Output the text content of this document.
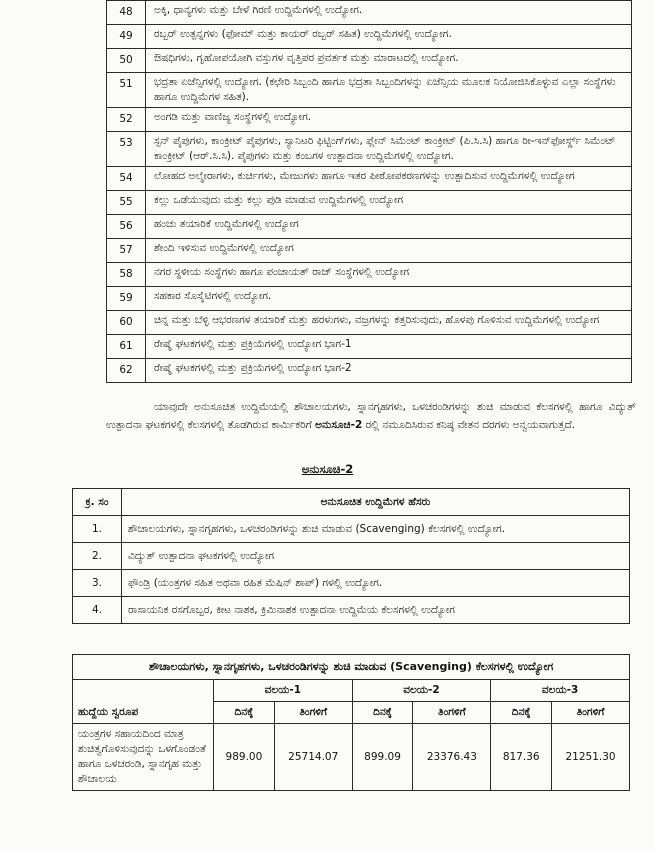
48	ಅಕ್ಕಿ, ಧಾನ್ಯಗಳು ಮತ್ತು ಬೇಳೆ ಗಿರಣಿ ಉದ್ದಿಮೆಗಳಲ್ಲಿ ಉದ್ಯೋಗ.
49	ರಬ್ಬರ್ ಉತ್ಪನ್ನಗಳು (ಫೋಮ್ ಮತ್ತು ಕಾಯರ್ ರಬ್ಬರ್ ಸಹಿತ) ಉದ್ದಿಮೆಗಳಲ್ಲಿ ಉದ್ಯೋಗ.
50	ಔಷಧಿಗಳು, ಗೃಹೋಪಯೋಗಿ ವಸ್ತುಗಳ ವೃತ್ತಿಪರ ಪ್ರವರ್ತಕ ಮತ್ತು ಮಾರಾಟದಲ್ಲಿ ಉದ್ಯೋಗ.
51	ಭದ್ರತಾ ಏಜೆನ್ಸಿಗಳಲ್ಲಿ ಉದ್ಯೋಗ. (ಕಛೇರಿ ಸಿಬ್ಬಂದಿ ಹಾಗೂ ಭದ್ರತಾ ಸಿಬ್ಬಂದಿಗಳನ್ನು ಏಜೆನ್ಸಿಯ ಮೂಲಕ ನಿಯೋಜಿಸಿಕೊಳ್ಳುವ ಎಲ್ಲಾ ಸಂಸ್ಥೆಗಳು ಹಾಗೂ ಉದ್ದಿಮೆಗಳ ಸಹಿತ).
52	ಅಂಗಡಿ ಮತ್ತು ವಾಣಿಜ್ಯ ಸಂಸ್ಥೆಗಳಲ್ಲಿ ಉದ್ಯೋಗ.
53	ಸ್ಪನ್ ಪೈಪುಗಳು, ಕಾಂಕ್ರೀಟ್ ಪೈಪುಗಳು, ಸ್ಯಾನಿಟರಿ ಫಿಟ್ಟಿಂಗ್‌ಗಳು, ಪ್ಲೇನ್ ಸಿಮೆಂಟ್ ಕಾಂಕ್ರೀಟ್ (ಪಿ.ಸಿ.ಸಿ) ಹಾಗೂ ರೀ-ಇನ್‌ಫೋರ್ಸ್ಡ್ ಸಿಮೆಂಟ್ ಕಾಂಕ್ರೀಟ್ (ಆರ್.ಸಿ.ಸಿ). ಪೈಪುಗಳು ಮತ್ತು ಕಂಬಗಳ ಉತ್ಪಾದನಾ ಉದ್ದಿಮೆಗಳಲ್ಲಿ ಉದ್ಯೋಗ.
54	ಲೋಹದ ಅಲ್ಮೇರಾಗಳು, ಕುರ್ಚಿಗಳು, ಮೇಜುಗಳು ಹಾಗೂ ಇತರ ಪೀಠೋಪಕರಣಗಳನ್ನು ಉತ್ಪಾದಿಸುವ ಉದ್ದಿಮೆಗಳಲ್ಲಿ ಉದ್ಯೋಗ
55	ಕಲ್ಲು ಒಡೆಯುವುದು ಮತ್ತು ಕಲ್ಲು ಪುಡಿ ಮಾಡುವ ಉದ್ದಿಮೆಗಳಲ್ಲಿ ಉದ್ಯೋಗ
56	ಹಂಚು ತಯಾರಿಕೆ ಉದ್ದಿಮೆಗಳಲ್ಲಿ ಉದ್ಯೋಗ
57	ಶೇಂದಿ ಇಳಿಸುವ ಉದ್ದಿಮೆಗಳಲ್ಲಿ ಉದ್ಯೋಗ
58	ನಗರ ಸ್ಥಳೀಯ ಸಂಸ್ಥೆಗಳು ಹಾಗೂ ಪಂಚಾಯತ್ ರಾಜ್ ಸಂಸ್ಥೆಗಳಲ್ಲಿ ಉದ್ಯೋಗ
59	ಸಹಕಾರ ಸೊಸೈಟಿಗಳಲ್ಲಿ ಉದ್ಯೋಗ.
60	ಚಿನ್ನ ಮತ್ತು ಬೆಳ್ಳಿ ಆಭರಣಗಳ ತಯಾರಿಕೆ ಮತ್ತು ಹರಳುಗಳು, ವಜ್ರಗಳನ್ನು ಕತ್ತರಿಸುವುದು, ಹೊಳಪು ಗೊಳಿಸುವ ಉದ್ದಿಮೆಗಳಲ್ಲಿ ಉದ್ಯೋಗ
61	ರೇಷ್ಮೆ ಘಟಕಗಳಲ್ಲಿ ಮತ್ತು ಪ್ರಕ್ರಿಯೆಗಳಲ್ಲಿ ಉದ್ಯೋಗ ಭಾಗ-1
62	ರೇಷ್ಮೆ ಘಟಕಗಳಲ್ಲಿ ಮತ್ತು ಪ್ರಕ್ರಿಯೆಗಳಲ್ಲಿ ಉದ್ಯೋಗ ಭಾಗ-2

ಯಾವುದೇ ಅನುಸೂಚಿತ ಉದ್ದಿಮೆಯಲ್ಲಿ ಶೌಚಾಲಯಗಳು, ಸ್ನಾನಗೃಹಗಳು, ಒಳಚರಂಡಿಗಳನ್ನು ಶುಚಿ ಮಾಡುವ ಕೆಲಸಗಳಲ್ಲಿ ಹಾಗೂ ವಿದ್ಯುತ್ ಉತ್ಪಾದನಾ ಘಟಕಗಳಲ್ಲಿ ಕೆಲಸಗಳಲ್ಲಿ ತೊಡಗಿರುವ ಕಾರ್ಮಿಕರಿಗೆ ಅನುಸೂಚಿ-2 ರಲ್ಲಿ ನಮೂದಿಸಿರುವ ಕನಿಷ್ಠ ವೇತನ ದರಗಳು ಅನ್ವಯವಾಗುತ್ತದೆ.

ಅನುಸೂಚಿ-2
ಕ್ರ. ಸಂ	ಅನುಸೂಚಿತ ಉದ್ದಿಮೆಗಳ ಹೆಸರು
1.	ಶೌಚಾಲಯಗಳು, ಸ್ನಾನಗೃಹಗಳು, ಒಳಚರಂಡಿಗಳನ್ನು ಶುಚಿ ಮಾಡುವ (Scavenging) ಕೆಲಸಗಳಲ್ಲಿ ಉದ್ಯೋಗ.
2.	ವಿದ್ಯುತ್ ಉತ್ಪಾದನಾ ಘಟಕಗಳಲ್ಲಿ ಉದ್ಯೋಗ
3.	ಫೌಂಡ್ರಿ (ಯಂತ್ರಗಳ ಸಹಿತ ಅಥವಾ ರಹಿತ ಮೆಷಿನ್ ಶಾಪ್) ಗಳಲ್ಲಿ ಉದ್ಯೋಗ.
4.	ರಾಸಾಯನಿಕ ರಸಗೊಬ್ಬರ, ಕೀಟ ನಾಶಕ, ಕ್ರಿಮಿನಾಶಕ ಉತ್ಪಾದನಾ ಉದ್ದಿಮೆಯ ಕೆಲಸಗಳಲ್ಲಿ ಉದ್ಯೋಗ
ಶೌಚಾಲಯಗಳು, ಸ್ನಾನಗೃಹಗಳು, ಒಳಚರಂಡಿಗಳನ್ನು ಶುಚಿ ಮಾಡುವ (Scavenging) ಕೆಲಸಗಳಲ್ಲಿ ಉದ್ಯೋಗ						
ಹುದ್ದೆಯ ಸ್ವರೂಪ	ವಲಯ-1		ವಲಯ-2		ವಲಯ-3	
	ದಿನಕ್ಕೆ	ತಿಂಗಳಿಗೆ	ದಿನಕ್ಕೆ	ತಿಂಗಳಿಗೆ	ದಿನಕ್ಕೆ	ತಿಂಗಳಿಗೆ
ಯಂತ್ರಗಳ ಸಹಾಯದಿಂದ ಮಾತ್ರ ಶುಚಿತ್ವಗೊಳಿಸುವುದನ್ನು ಒಳಗೊಂಡಂತೆ ಹಾಗೂ ಒಳಚರಂಡಿ, ಸ್ನಾನಗೃಹ ಮತ್ತು ಶೌಚಾಲಯ	989.00	25714.07	899.09	23376.43	817.36	21251.30
